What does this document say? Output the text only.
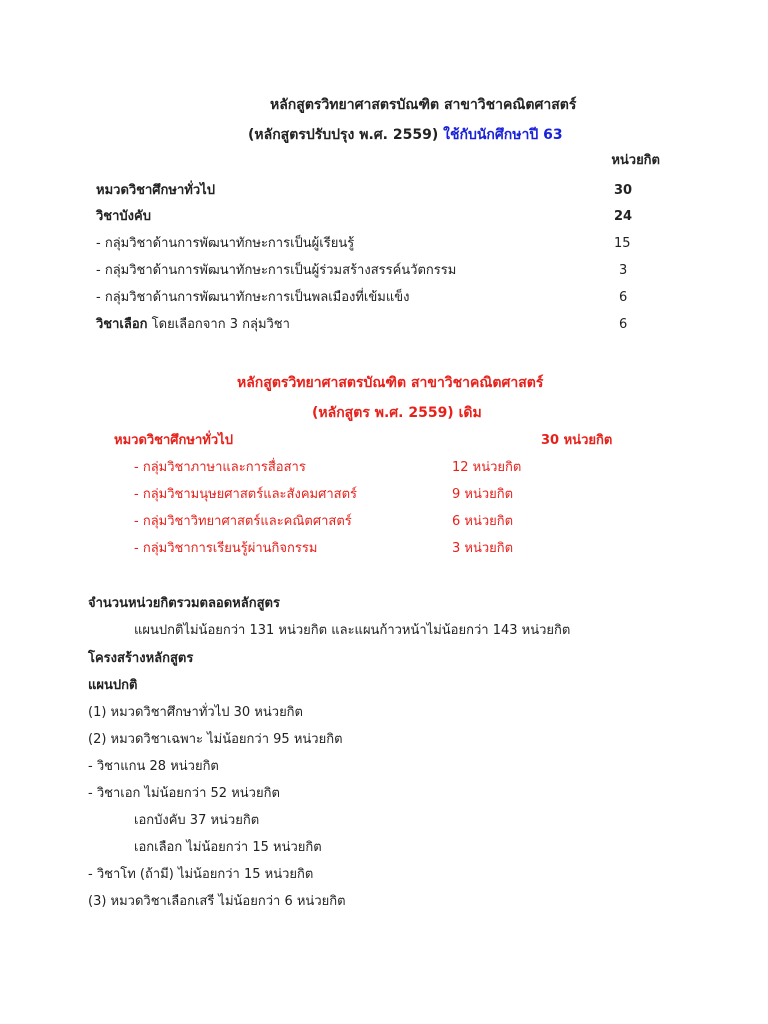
หลักสูตรวิทยาศาสตรบัณฑิต สาขาวิชาคณิตศาสตร์
(หลักสูตรปรับปรุง พ.ศ. 2559) ใช้กับนักศึกษาปี 63
หน่วยกิต
หมวดวิชาศึกษาทั่วไป	30
วิชาบังคับ	24
- กลุ่มวิชาด้านการพัฒนาทักษะการเป็นผู้เรียนรู้	15
- กลุ่มวิชาด้านการพัฒนาทักษะการเป็นผู้ร่วมสร้างสรรค์นวัตกรรม	3
- กลุ่มวิชาด้านการพัฒนาทักษะการเป็นพลเมืองที่เข้มแข็ง	6
วิชาเลือก โดยเลือกจาก 3 กลุ่มวิชา	6
หลักสูตรวิทยาศาสตรบัณฑิต สาขาวิชาคณิตศาสตร์
(หลักสูตร พ.ศ. 2559) เดิม
หมวดวิชาศึกษาทั่วไป	30 หน่วยกิต
- กลุ่มวิชาภาษาและการสื่อสาร	12 หน่วยกิต
- กลุ่มวิชามนุษยศาสตร์และสังคมศาสตร์	9 หน่วยกิต
- กลุ่มวิชาวิทยาศาสตร์และคณิตศาสตร์	6 หน่วยกิต
- กลุ่มวิชาการเรียนรู้ผ่านกิจกรรม	3 หน่วยกิต
จำนวนหน่วยกิตรวมตลอดหลักสูตร
แผนปกติไม่น้อยกว่า 131 หน่วยกิต และแผนก้าวหน้าไม่น้อยกว่า 143 หน่วยกิต
โครงสร้างหลักสูตร
แผนปกติ
(1) หมวดวิชาศึกษาทั่วไป 30 หน่วยกิต
(2) หมวดวิชาเฉพาะ ไม่น้อยกว่า 95 หน่วยกิต
- วิชาแกน 28 หน่วยกิต
- วิชาเอก ไม่น้อยกว่า 52 หน่วยกิต
เอกบังคับ 37 หน่วยกิต
เอกเลือก ไม่น้อยกว่า 15 หน่วยกิต
- วิชาโท (ถ้ามี) ไม่น้อยกว่า 15 หน่วยกิต
(3) หมวดวิชาเลือกเสรี ไม่น้อยกว่า 6 หน่วยกิต
